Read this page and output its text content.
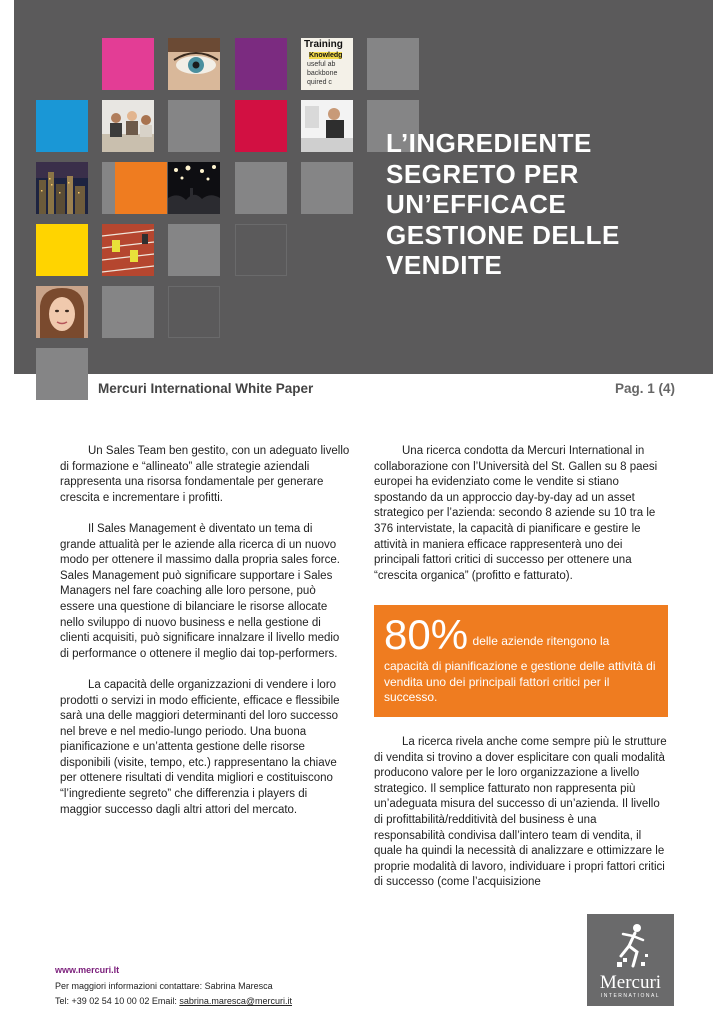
Training
Knowledg
useful ab
backbone
quired c
L’INGREDIENTE
SEGRETO PER
UN’EFFICACE
GESTIONE DELLE
VENDITE
Mercuri International White Paper	Pag. 1 (4)

Un Sales Team ben gestito, con un adeguato livello di formazione e “allineato” alle strategie aziendali rappresenta una risorsa fondamentale per generare crescita e incrementare i profitti.

Il Sales Management è diventato un tema di grande attualità per le aziende alla ricerca di un nuovo modo per ottenere il massimo dalla propria sales force. Sales Management può significare supportare i Sales Managers nel fare coaching alle loro persone, può essere una questione di bilanciare le risorse allocate nello sviluppo di nuovo business e nella gestione di clienti acquisiti, può significare innalzare il livello medio di performance o ottenere il meglio dai top-performers.

La capacità delle organizzazioni di vendere i loro prodotti o servizi in modo efficiente, efficace e flessibile sarà una delle maggiori determinanti del loro successo nel breve e nel medio-lungo periodo. Una buona pianificazione e un’attenta gestione delle risorse disponibili (visite, tempo, etc.) rappresentano la chiave per ottenere risultati di vendita migliori e costituiscono “l’ingrediente segreto” che differenzia i players di maggior successo dagli altri attori del mercato.

Una ricerca condotta da Mercuri International in collaborazione con l’Università del St. Gallen su 8 paesi europei ha evidenziato come le vendite si stiano spostando da un approccio day-by-day ad un asset strategico per l’azienda: secondo 8 aziende su 10 tra le 376 intervistate, la capacità di pianificare e gestire le attività in maniera efficace rappresenterà uno dei principali fattori critici di successo per ottenere una “crescita organica” (profitto e fatturato).

80% delle aziende ritengono la
capacità di pianificazione e gestione delle attività di vendita uno dei principali fattori critici per il successo.

La ricerca rivela anche come sempre più le strutture di vendita si trovino a dover esplicitare con quali modalità producono valore per le loro organizzazione a livello strategico. Il semplice fatturato non rappresenta più un’adeguata misura del successo di un’azienda. Il livello di profittabilità/redditività del business è una responsabilità condivisa dall’intero team di vendita, il quale ha quindi la necessità di analizzare e ottimizzare le proprie modalità di lavoro, individuare i propri fattori critici di successo (come l’acquisizione

www.mercuri.It
Per maggiori informazioni contattare: Sabrina Maresca
Tel: +39 02 54 10 00 02 Email: sabrina.maresca@mercuri.it
Mercuri
INTERNATIONAL
